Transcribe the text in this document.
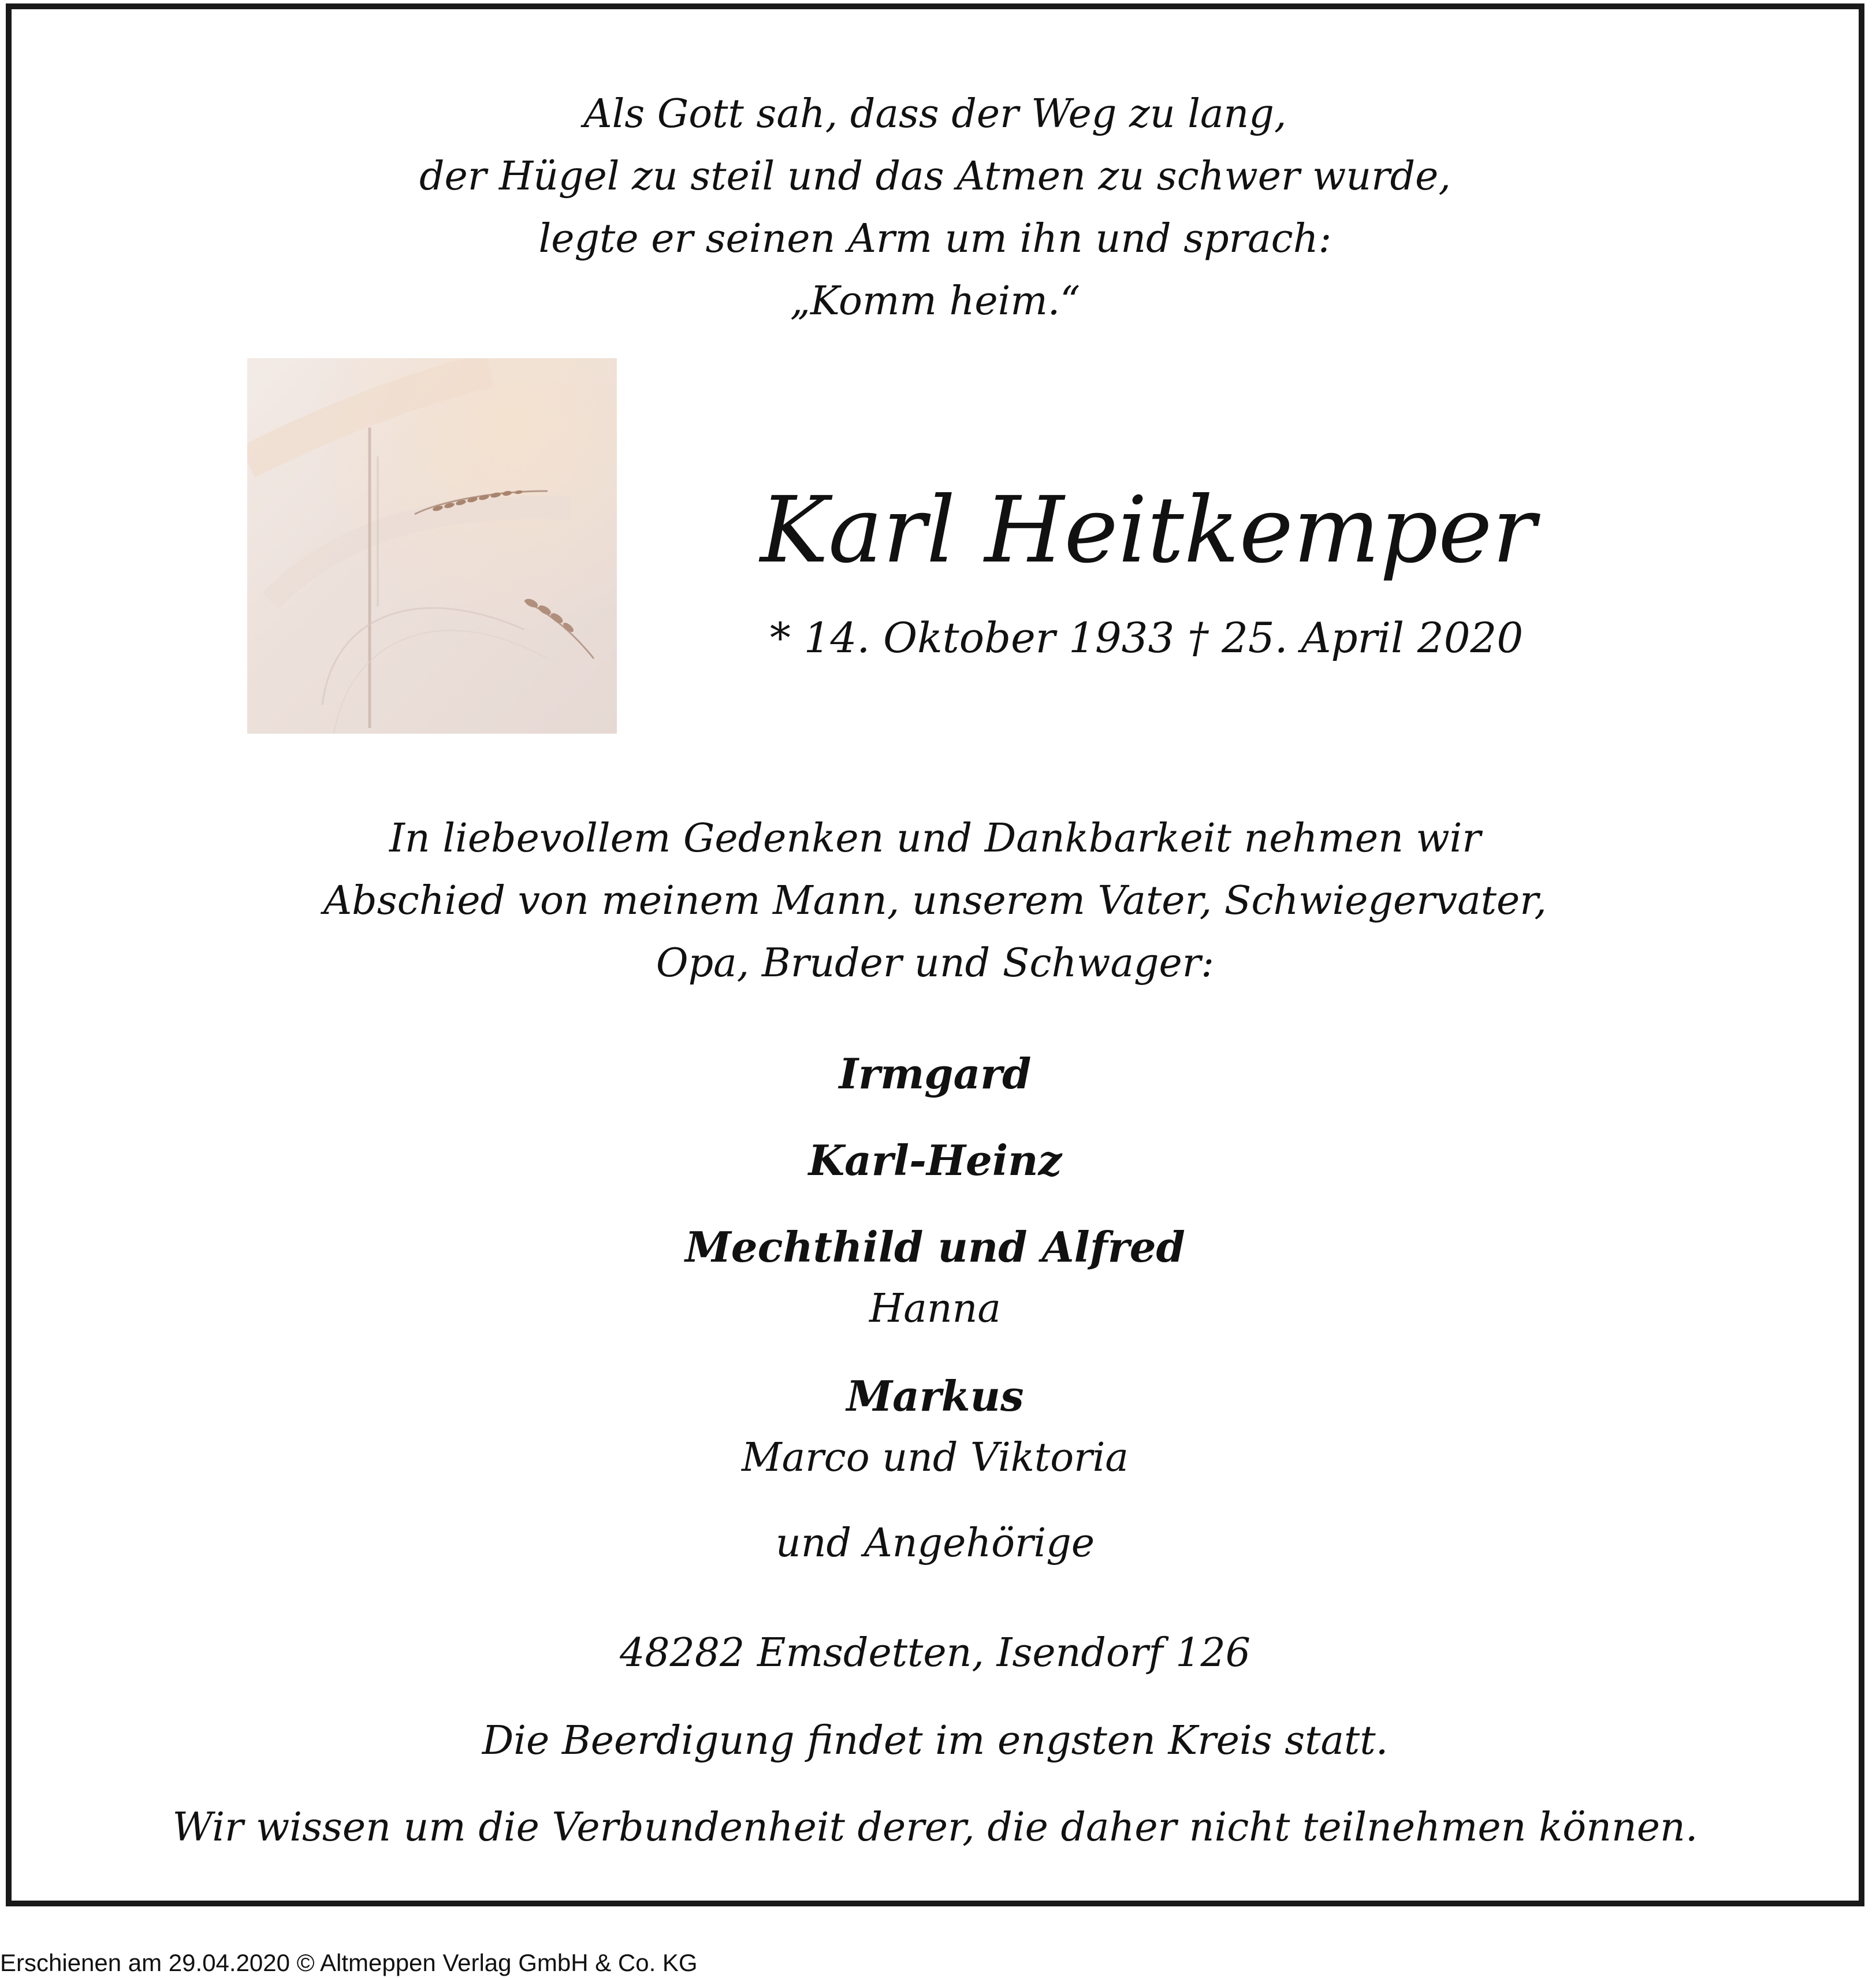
Als Gott sah, dass der Weg zu lang,
der Hügel zu steil und das Atmen zu schwer wurde,
legte er seinen Arm um ihn und sprach:
„Komm heim.“
Karl Heitkemper
* 14. Oktober 1933 † 25. April 2020
In liebevollem Gedenken und Dankbarkeit nehmen wir
Abschied von meinem Mann, unserem Vater, Schwiegervater,
Opa, Bruder und Schwager:
Irmgard
Karl-Heinz
Mechthild und Alfred
Hanna
Markus
Marco und Viktoria
und Angehörige
48282 Emsdetten, Isendorf 126
Die Beerdigung findet im engsten Kreis statt.
Wir wissen um die Verbundenheit derer, die daher nicht teilnehmen können.
Erschienen am 29.04.2020 © Altmeppen Verlag GmbH & Co. KG
